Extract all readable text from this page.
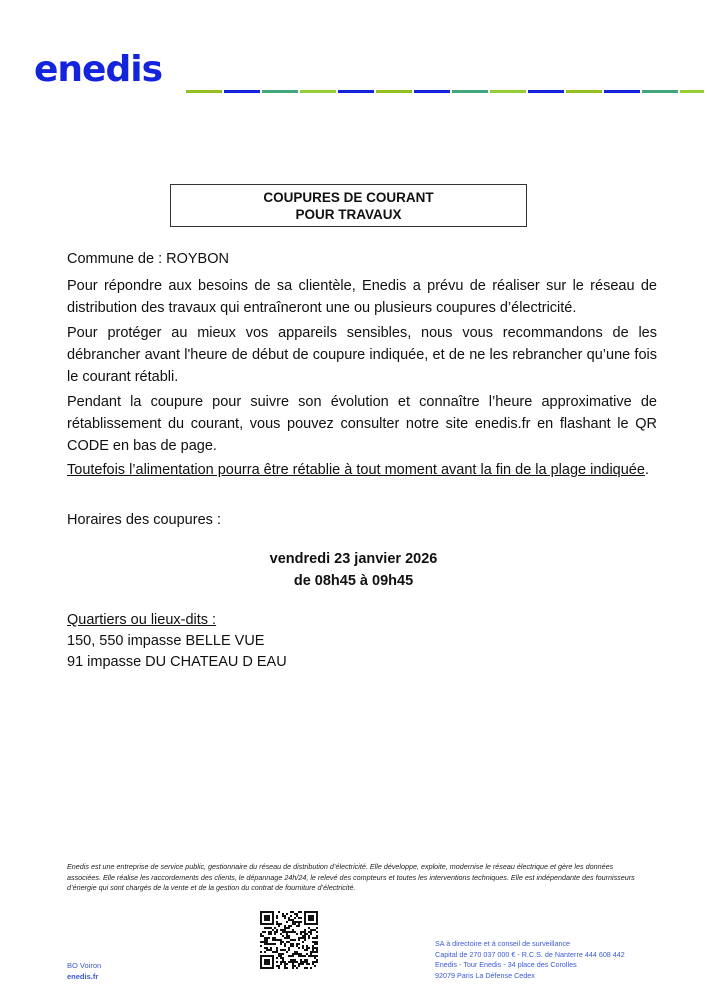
enedis
COUPURES DE COURANT
POUR TRAVAUX

Commune de : ROYBON

Pour répondre aux besoins de sa clientèle, Enedis a prévu de réaliser sur le réseau de distribution des travaux qui entraîneront une ou plusieurs coupures d’électricité.

Pour protéger au mieux vos appareils sensibles, nous vous recommandons de les débrancher avant l'heure de début de coupure indiquée, et de ne les rebrancher qu’une fois le courant rétabli.

Pendant la coupure pour suivre son évolution et connaître l’heure approximative de rétablissement du courant, vous pouvez consulter notre site enedis.fr en flashant le QR CODE en bas de page.

Toutefois l’alimentation pourra être rétablie à tout moment avant la fin de la plage indiquée.

Horaires des coupures :

vendredi 23 janvier 2026
de 08h45 à 09h45

Quartiers ou lieux-dits :

150, 550 impasse BELLE VUE

91 impasse DU CHATEAU D EAU

Enedis est une entreprise de service public, gestionnaire du réseau de distribution d’électricité. Elle développe, exploite, modernise le réseau électrique et gère les données associées. Elle réalise les raccordements des clients, le dépannage 24h/24, le relevé des compteurs et toutes les interventions techniques. Elle est indépendante des fournisseurs d’énergie qui sont chargés de la vente et de la gestion du contrat de fourniture d’électricité.
BO Voiron
enedis.fr
SA à directoire et à conseil de surveillance
Capital de 270 037 000 € - R.C.S. de Nanterre 444 608 442
Enedis - Tour Enedis - 34 place des Corolles
92079 Paris La Défense Cedex
